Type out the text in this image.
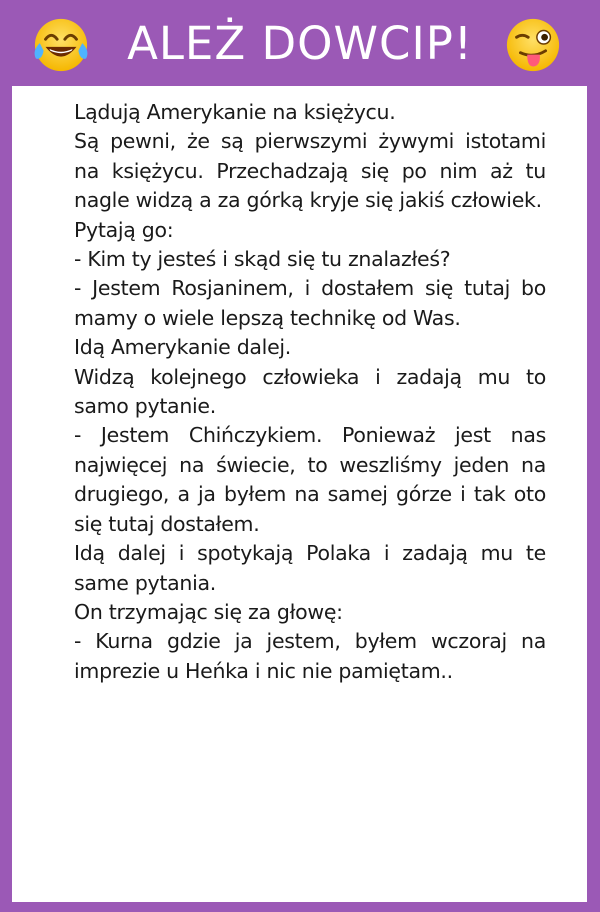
ALEŻ DOWCIP!

Lądują Amerykanie na księżycu.

Są pewni, że są pierwszymi żywymi istotami na księżycu. Przechadzają się po nim aż tu nagle widzą a za górką kryje się jakiś człowiek.

Pytają go:

- Kim ty jesteś i skąd się tu znalazłeś?

- Jestem Rosjaninem, i dostałem się tutaj bo mamy o wiele lepszą technikę od Was.

Idą Amerykanie dalej.

Widzą kolejnego człowieka i zadają mu to samo pytanie.

- Jestem Chińczykiem. Ponieważ jest nas najwięcej na świecie, to weszliśmy jeden na drugiego, a ja byłem na samej górze i tak oto się tutaj dostałem.

Idą dalej i spotykają Polaka i zadają mu te same pytania.

On trzymając się za głowę:

- Kurna gdzie ja jestem, byłem wczoraj na imprezie u Heńka i nic nie pamiętam..
